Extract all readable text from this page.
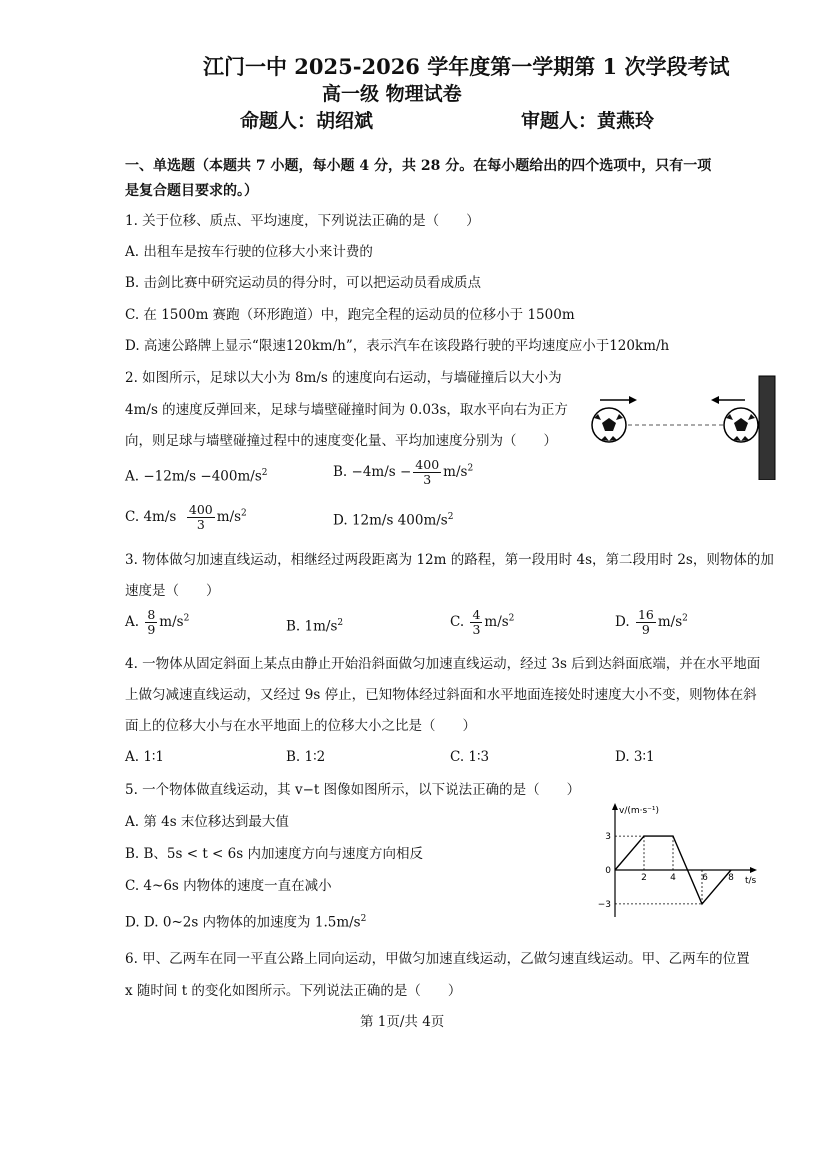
江门一中 2025-2026 学年度第一学期第 1 次学段考试
高一级 物理试卷
命题人：胡绍斌	审题人：黄燕玲
一、单选题（本题共 7 小题，每小题 4 分，共 28 分。在每小题给出的四个选项中，只有一项
是复合题目要求的。）
1. 关于位移、质点、平均速度，下列说法正确的是（　　）
A. 出租车是按车行驶的位移大小来计费的
B. 击剑比赛中研究运动员的得分时，可以把运动员看成质点
C. 在 1500m 赛跑（环形跑道）中，跑完全程的运动员的位移小于 1500m
D. 高速公路牌上显示“限速120km/h”，表示汽车在该段路行驶的平均速度应小于120km/h
2. 如图所示，足球以大小为 8m/s 的速度向右运动，与墙碰撞后以大小为
4m/s 的速度反弹回来，足球与墙壁碰撞时间为 0.03s，取水平向右为正方
向，则足球与墙壁碰撞过程中的速度变化量、平均加速度分别为（　　）
A. $-12m/s -400m/s^2$	B. $-4m/s - \frac{400}{3} m/s^2$
C. $4m/s \frac{400}{3} m/s^2$	D. 12m/s $400m/s^2$
3. 物体做匀加速直线运动，相继经过两段距离为 12m 的路程，第一段用时 4s，第二段用时 2s，则物体的加
速度是（　　）
A. $\frac{8}{9} m/s^2$	B. $1m/s^2$	C. $\frac{4}{3} m/s^2$	D. $\frac{16}{9} m/s^2$
4. 一物体从固定斜面上某点由静止开始沿斜面做匀加速直线运动，经过 3s 后到达斜面底端，并在水平地面
上做匀减速直线运动，又经过 9s 停止，已知物体经过斜面和水平地面连接处时速度大小不变，则物体在斜
面上的位移大小与在水平地面上的位移大小之比是（　　）
A. 1∶1	B. 1∶2	C. 1∶3	D. 3∶1
5. 一个物体做直线运动，其 v−t 图像如图所示，以下说法正确的是（　　）
A. 第 4s 末位移达到最大值
B. B、5s < t < 6s 内加速度方向与速度方向相反
C. 4~6s 内物体的速度一直在减小
D. D. 0~2s 内物体的加速度为 $1.5m/s^2$
v/(m·s⁻¹)
t/s
3
0
−3
2	4	6 8
6. 甲、乙两车在同一平直公路上同向运动，甲做匀加速直线运动，乙做匀速直线运动。甲、乙两车的位置
x 随时间 t 的变化如图所示。下列说法正确的是（　　）
第 1页/共 4页
